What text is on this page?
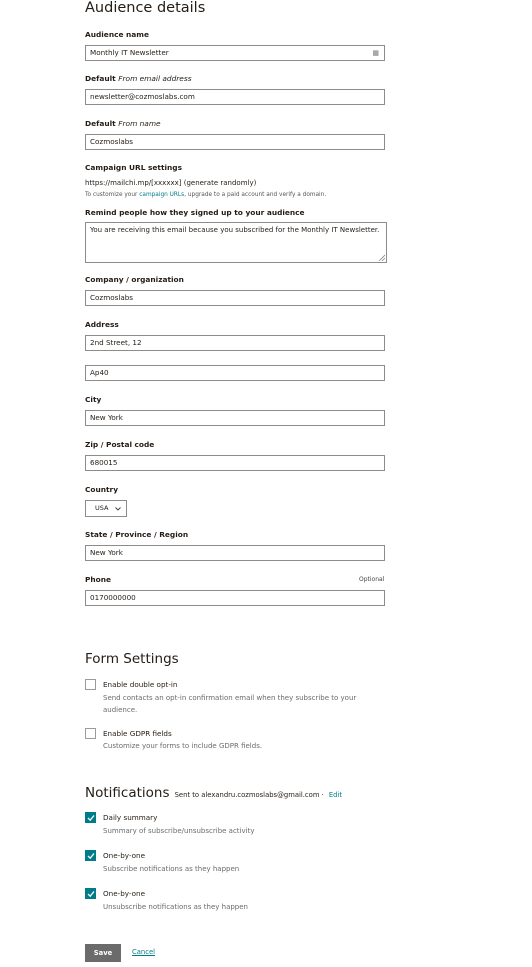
Audience details
Audience name
Monthly IT Newsletter	▦
Default From email address
newsletter@cozmoslabs.com
Default From name
Cozmoslabs
Campaign URL settings
https://mailchi.mp/[xxxxxx] (generate randomly)
To customize your campaign URLs, upgrade to a paid account and verify a domain.
Remind people how they signed up to your audience
You are receiving this email because you subscribed for the Monthly IT Newsletter.
Company / organization
Cozmoslabs
Address
2nd Street, 12
Ap40
City
New York
Zip / Postal code
680015
Country
USA
State / Province / Region
New York
Phone	Optional
0170000000
Form Settings
Enable double opt-in
Send contacts an opt-in confirmation email when they subscribe to your audience.
Enable GDPR fields
Customize your forms to include GDPR fields.
Notifications Sent to alexandru.cozmoslabs@gmail.com · Edit
Daily summary
Summary of subscribe/unsubscribe activity
One-by-one
Subscribe notifications as they happen
One-by-one
Unsubscribe notifications as they happen
Save	Cancel
